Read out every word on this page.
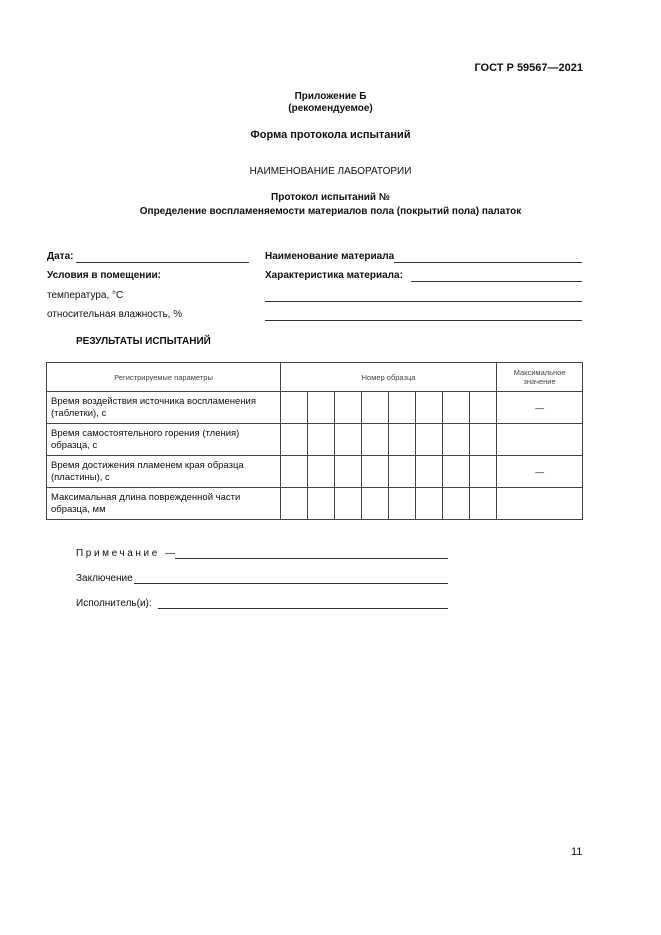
ГОСТ Р 59567—2021
Приложение Б
(рекомендуемое)
Форма протокола испытаний
НАИМЕНОВАНИЕ ЛАБОРАТОРИИ
Протокол испытаний №
Определение воспламеняемости материалов пола (покрытий пола) палаток
Дата:	Наименование материала
Условия в помещении:	Характеристика материала:
температура, °C
относительная влажность, %
РЕЗУЛЬТАТЫ ИСПЫТАНИЙ
Регистрируемые параметры	Номер образца								Максимальное значение
Время воздействия источника воспламенения (таблетки), с									—
Время самостоятельного горения (тления) образца, с									
Время достижения пламенем края образца (пластины), с									—
Максимальная длина поврежденной части образца, мм									
Примечание —
Заключение
Исполнитель(и):
11
